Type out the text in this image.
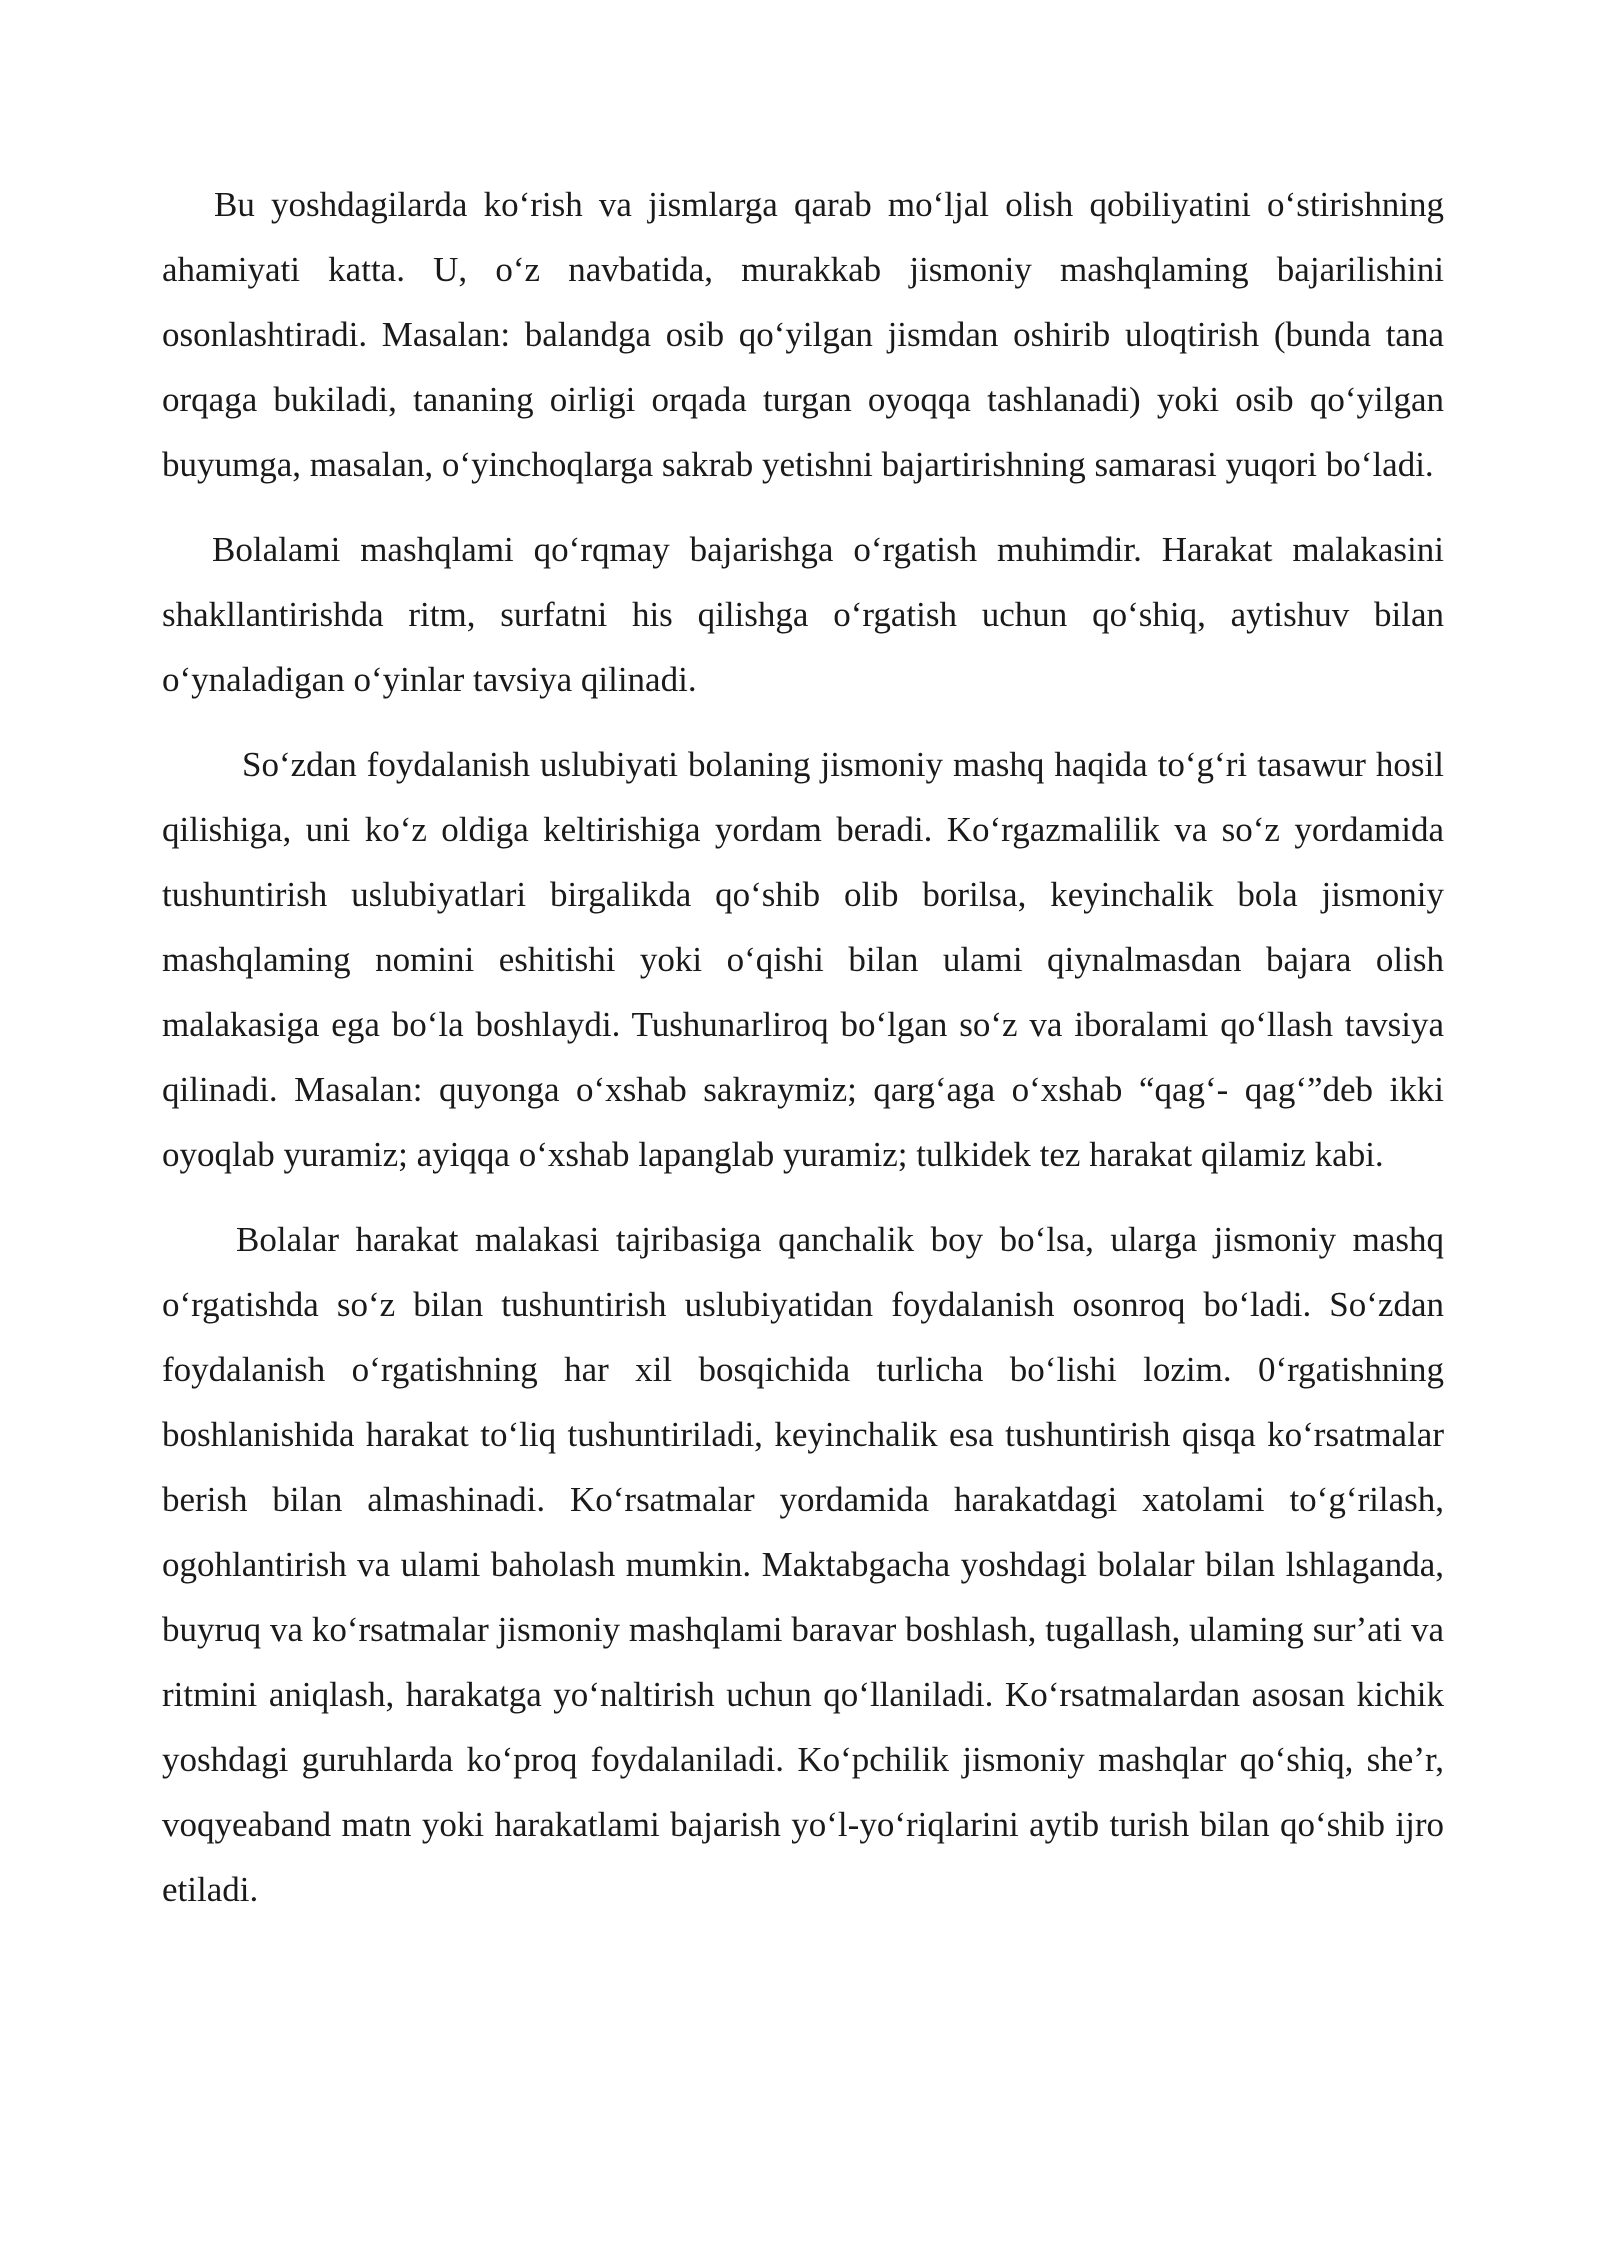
Bu yoshdagilarda koʻrish va jismlarga qarab moʻljal olish qobiliyatini oʻstirishning ahamiyati katta. U, oʻz navbatida, murakkab jismoniy mashqlaming bajarilishini osonlashtiradi. Masalan: balandga osib qoʻyilgan jismdan oshirib uloqtirish (bunda tana orqaga bukiladi, tananing oirligi orqada turgan oyoqqa tashlanadi) yoki osib qoʻyilgan buyumga, masalan, oʻyinchoqlarga sakrab yetishni bajartirishning samarasi yuqori boʻladi.

Bolalami mashqlami qoʻrqmay bajarishga oʻrgatish muhimdir. Harakat malakasini shakllantirishda ritm, surfatni his qilishga oʻrgatish uchun qoʻshiq, aytishuv bilan oʻynaladigan oʻyinlar tavsiya qilinadi.

Soʻzdan foydalanish uslubiyati bolaning jismoniy mashq haqida toʻgʻri tasawur hosil qilishiga, uni koʻz oldiga keltirishiga yordam beradi. Koʻrgazmalilik va soʻz yordamida tushuntirish uslubiyatlari birgalikda qoʻshib olib borilsa, keyinchalik bola jismoniy mashqlaming nomini eshitishi yoki oʻqishi bilan ulami qiynalmasdan bajara olish malakasiga ega boʻla boshlaydi. Tushunarliroq boʻlgan soʻz va iboralami qoʻllash tavsiya qilinadi. Masalan: quyonga oʻxshab sakraymiz; qargʻaga oʻxshab “qagʻ- qagʻ”deb ikki oyoqlab yuramiz; ayiqqa oʻxshab lapanglab yuramiz; tulkidek tez harakat qilamiz kabi.

Bolalar harakat malakasi tajribasiga qanchalik boy boʻlsa, ularga jismoniy mashq oʻrgatishda soʻz bilan tushuntirish uslubiyatidan foydalanish osonroq boʻladi. Soʻzdan foydalanish oʻrgatishning har xil bosqichida turlicha boʻlishi lozim. 0ʻrgatishning boshlanishida harakat toʻliq tushuntiriladi, keyinchalik esa tushuntirish qisqa koʻrsatmalar berish bilan almashinadi. Koʻrsatmalar yordamida harakatdagi xatolami toʻgʻrilash, ogohlantirish va ulami baholash mumkin. Maktabgacha yoshdagi bolalar bilan lshlaganda, buyruq va koʻrsatmalar jismoniy mashqlami baravar boshlash, tugallash, ulaming surʼati va ritmini aniqlash, harakatga yoʻnaltirish uchun qoʻllaniladi. Koʻrsatmalardan asosan kichik yoshdagi guruhlarda koʻproq foydalaniladi. Koʻpchilik jismoniy mashqlar qoʻshiq, sheʼr, voqyeaband matn yoki harakatlami bajarish yoʻl-yoʻriqlarini aytib turish bilan qoʻshib ijro etiladi.
